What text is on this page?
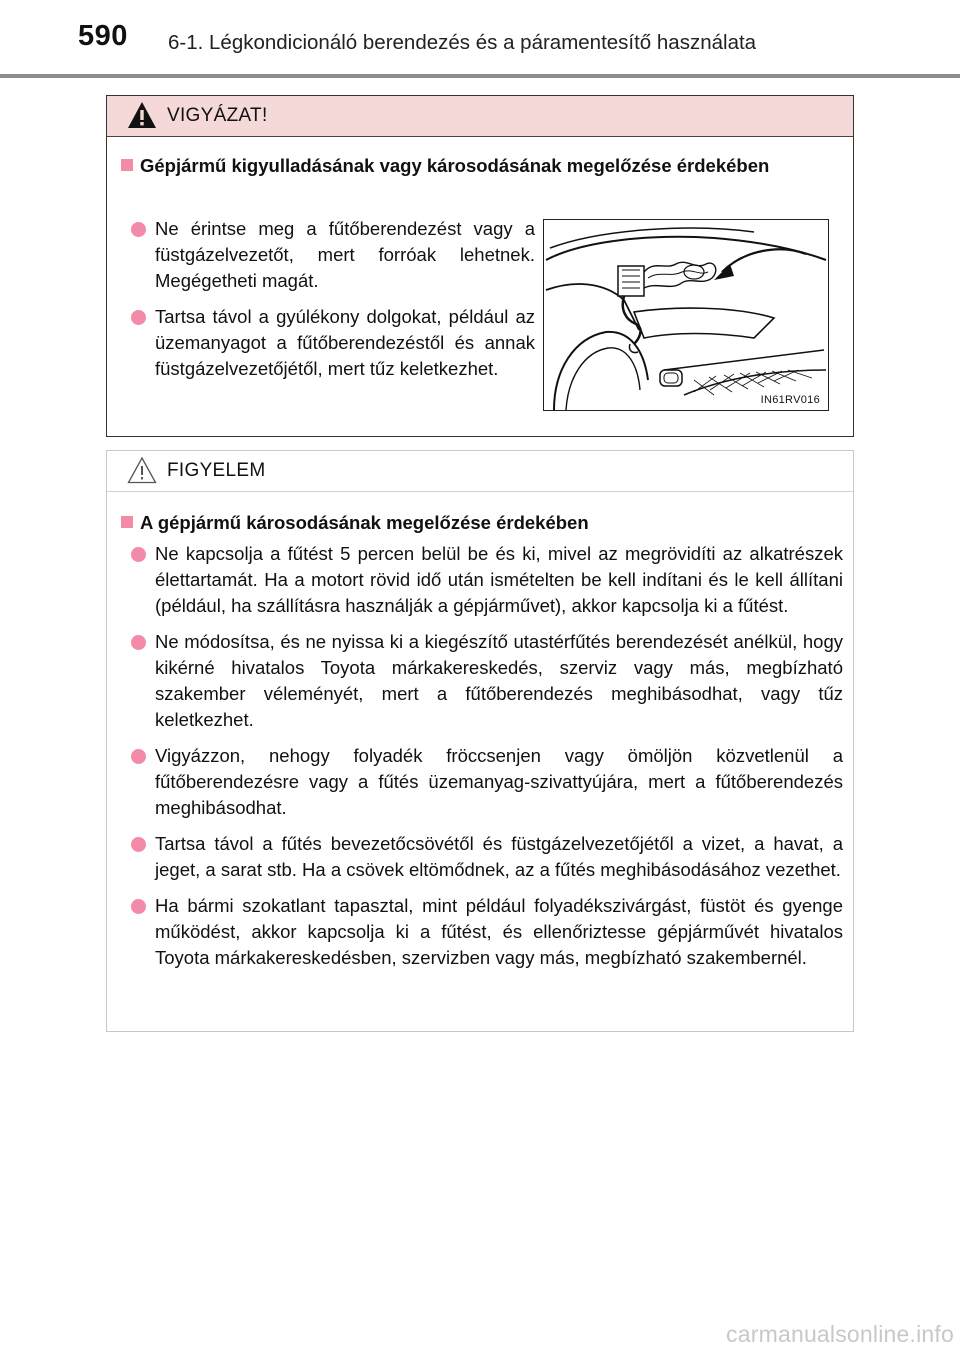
590 6-1. Légkondicionáló berendezés és a páramentesítő használata
VIGYÁZAT!
Gépjármű kigyulladásának vagy károsodásának megelőzése érdekében
Ne érintse meg a fűtőberendezést vagy a füstgázelvezetőt, mert forróak lehetnek. Megégetheti magát.
Tartsa távol a gyúlékony dolgokat, például az üzemanyagot a fűtőberendezéstől és annak füstgázelvezetőjétől, mert tűz keletkezhet.
IN61RV016
FIGYELEM
A gépjármű károsodásának megelőzése érdekében
Ne kapcsolja a fűtést 5 percen belül be és ki, mivel az megrövidíti az alkatrészek élettartamát. Ha a motort rövid idő után ismételten be kell indítani és le kell állítani (például, ha szállításra használják a gépjárművet), akkor kapcsolja ki a fűtést.
Ne módosítsa, és ne nyissa ki a kiegészítő utastérfűtés berendezését anélkül, hogy kikérné hivatalos Toyota márkakereskedés, szerviz vagy más, megbízható szakember véleményét, mert a fűtőberendezés meghibásodhat, vagy tűz keletkezhet.
Vigyázzon, nehogy folyadék fröccsenjen vagy ömöljön közvetlenül a fűtőberendezésre vagy a fűtés üzemanyag-szivattyújára, mert a fűtőberendezés meghibásodhat.
Tartsa távol a fűtés bevezetőcsövétől és füstgázelvezetőjétől a vizet, a havat, a jeget, a sarat stb. Ha a csövek eltömődnek, az a fűtés meghibásodásához vezethet.
Ha bármi szokatlant tapasztal, mint például folyadékszivárgást, füstöt és gyenge működést, akkor kapcsolja ki a fűtést, és ellenőriztesse gépjárművét hivatalos Toyota márkakereskedésben, szervizben vagy más, megbízható szakembernél.
carmanualsonline.info
